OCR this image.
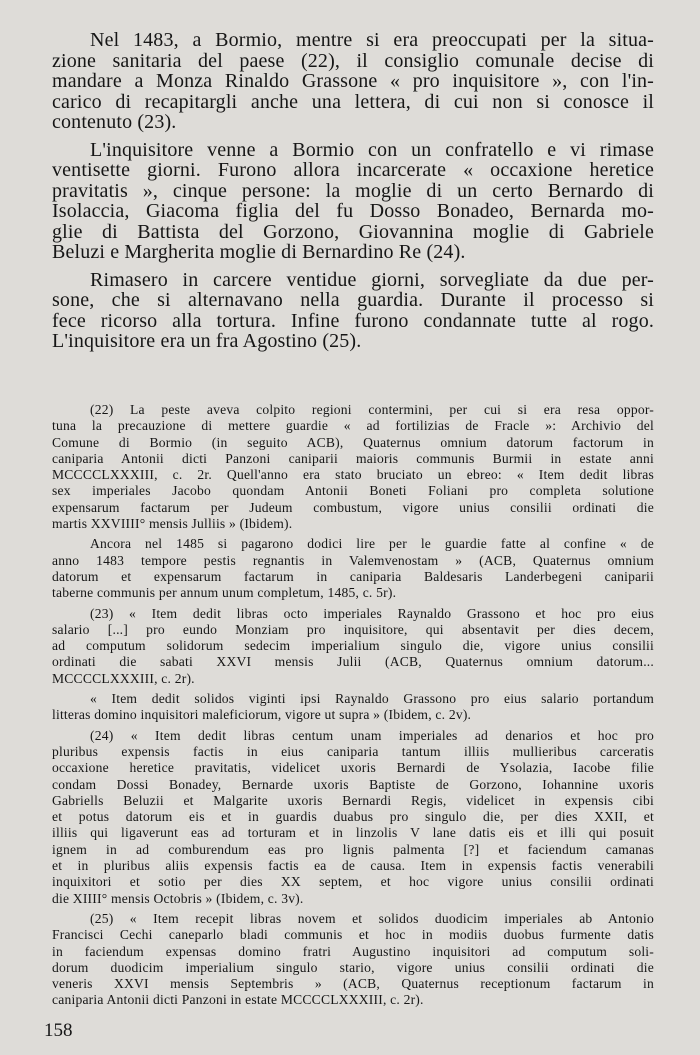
Nel 1483, a Bormio, mentre si era preoccupati per la situa-
zione sanitaria del paese (22), il consiglio comunale decise di
mandare a Monza Rinaldo Grassone « pro inquisitore », con l'in-
carico di recapitargli anche una lettera, di cui non si conosce il
contenuto (23).

L'inquisitore venne a Bormio con un confratello e vi rimase
ventisette giorni. Furono allora incarcerate « occaxione heretice
pravitatis », cinque persone: la moglie di un certo Bernardo di
Isolaccia, Giacoma figlia del fu Dosso Bonadeo, Bernarda mo-
glie di Battista del Gorzono, Giovannina moglie di Gabriele
Beluzi e Margherita moglie di Bernardino Re (24).

Rimasero in carcere ventidue giorni, sorvegliate da due per-
sone, che si alternavano nella guardia. Durante il processo si
fece ricorso alla tortura. Infine furono condannate tutte al rogo.
L'inquisitore era un fra Agostino (25).

(22) La peste aveva colpito regioni contermini, per cui si era resa oppor-
tuna la precauzione di mettere guardie « ad fortilizias de Fracle »: Archivio del
Comune di Bormio (in seguito ACB), Quaternus omnium datorum factorum in
caniparia Antonii dicti Panzoni caniparii maioris communis Burmii in estate anni
MCCCCLXXXIII, c. 2r. Quell'anno era stato bruciato un ebreo: « Item dedit libras
sex imperiales Jacobo quondam Antonii Boneti Foliani pro completa solutione
expensarum factarum per Judeum combustum, vigore unius consilii ordinati die
martis XXVIIII° mensis Julliis » (Ibidem).

Ancora nel 1485 si pagarono dodici lire per le guardie fatte al confine « de
anno 1483 tempore pestis regnantis in Valemvenostam » (ACB, Quaternus omnium
datorum et expensarum factarum in caniparia Baldesaris Landerbegeni caniparii
taberne communis per annum unum completum, 1485, c. 5r).

(23) « Item dedit libras octo imperiales Raynaldo Grassono et hoc pro eius
salario [...] pro eundo Monziam pro inquisitore, qui absentavit per dies decem,
ad computum solidorum sedecim imperialium singulo die, vigore unius consilii
ordinati die sabati XXVI mensis Julii (ACB, Quaternus omnium datorum...
MCCCCLXXXIII, c. 2r).

« Item dedit solidos viginti ipsi Raynaldo Grassono pro eius salario portandum
litteras domino inquisitori maleficiorum, vigore ut supra » (Ibidem, c. 2v).

(24) « Item dedit libras centum unam imperiales ad denarios et hoc pro
pluribus expensis factis in eius caniparia tantum illiis mullieribus carceratis
occaxione heretice pravitatis, videlicet uxoris Bernardi de Ysolazia, Iacobe filie
condam Dossi Bonadey, Bernarde uxoris Baptiste de Gorzono, Iohannine uxoris
Gabriells Beluzii et Malgarite uxoris Bernardi Regis, videlicet in expensis cibi
et potus datorum eis et in guardis duabus pro singulo die, per dies XXII, et
illiis qui ligaverunt eas ad torturam et in linzolis V lane datis eis et illi qui posuit
ignem in ad comburendum eas pro lignis palmenta [?] et faciendum camanas
et in pluribus aliis expensis factis ea de causa. Item in expensis factis venerabili
inquixitori et sotio per dies XX septem, et hoc vigore unius consilii ordinati
die XIIII° mensis Octobris » (Ibidem, c. 3v).

(25) « Item recepit libras novem et solidos duodicim imperiales ab Antonio
Francisci Cechi caneparlo bladi communis et hoc in modiis duobus furmente datis
in faciendum expensas domino fratri Augustino inquisitori ad computum soli-
dorum duodicim imperialium singulo stario, vigore unius consilii ordinati die
veneris XXVI mensis Septembris » (ACB, Quaternus receptionum factarum in
caniparia Antonii dicti Panzoni in estate MCCCCLXXXIII, c. 2r).

158
